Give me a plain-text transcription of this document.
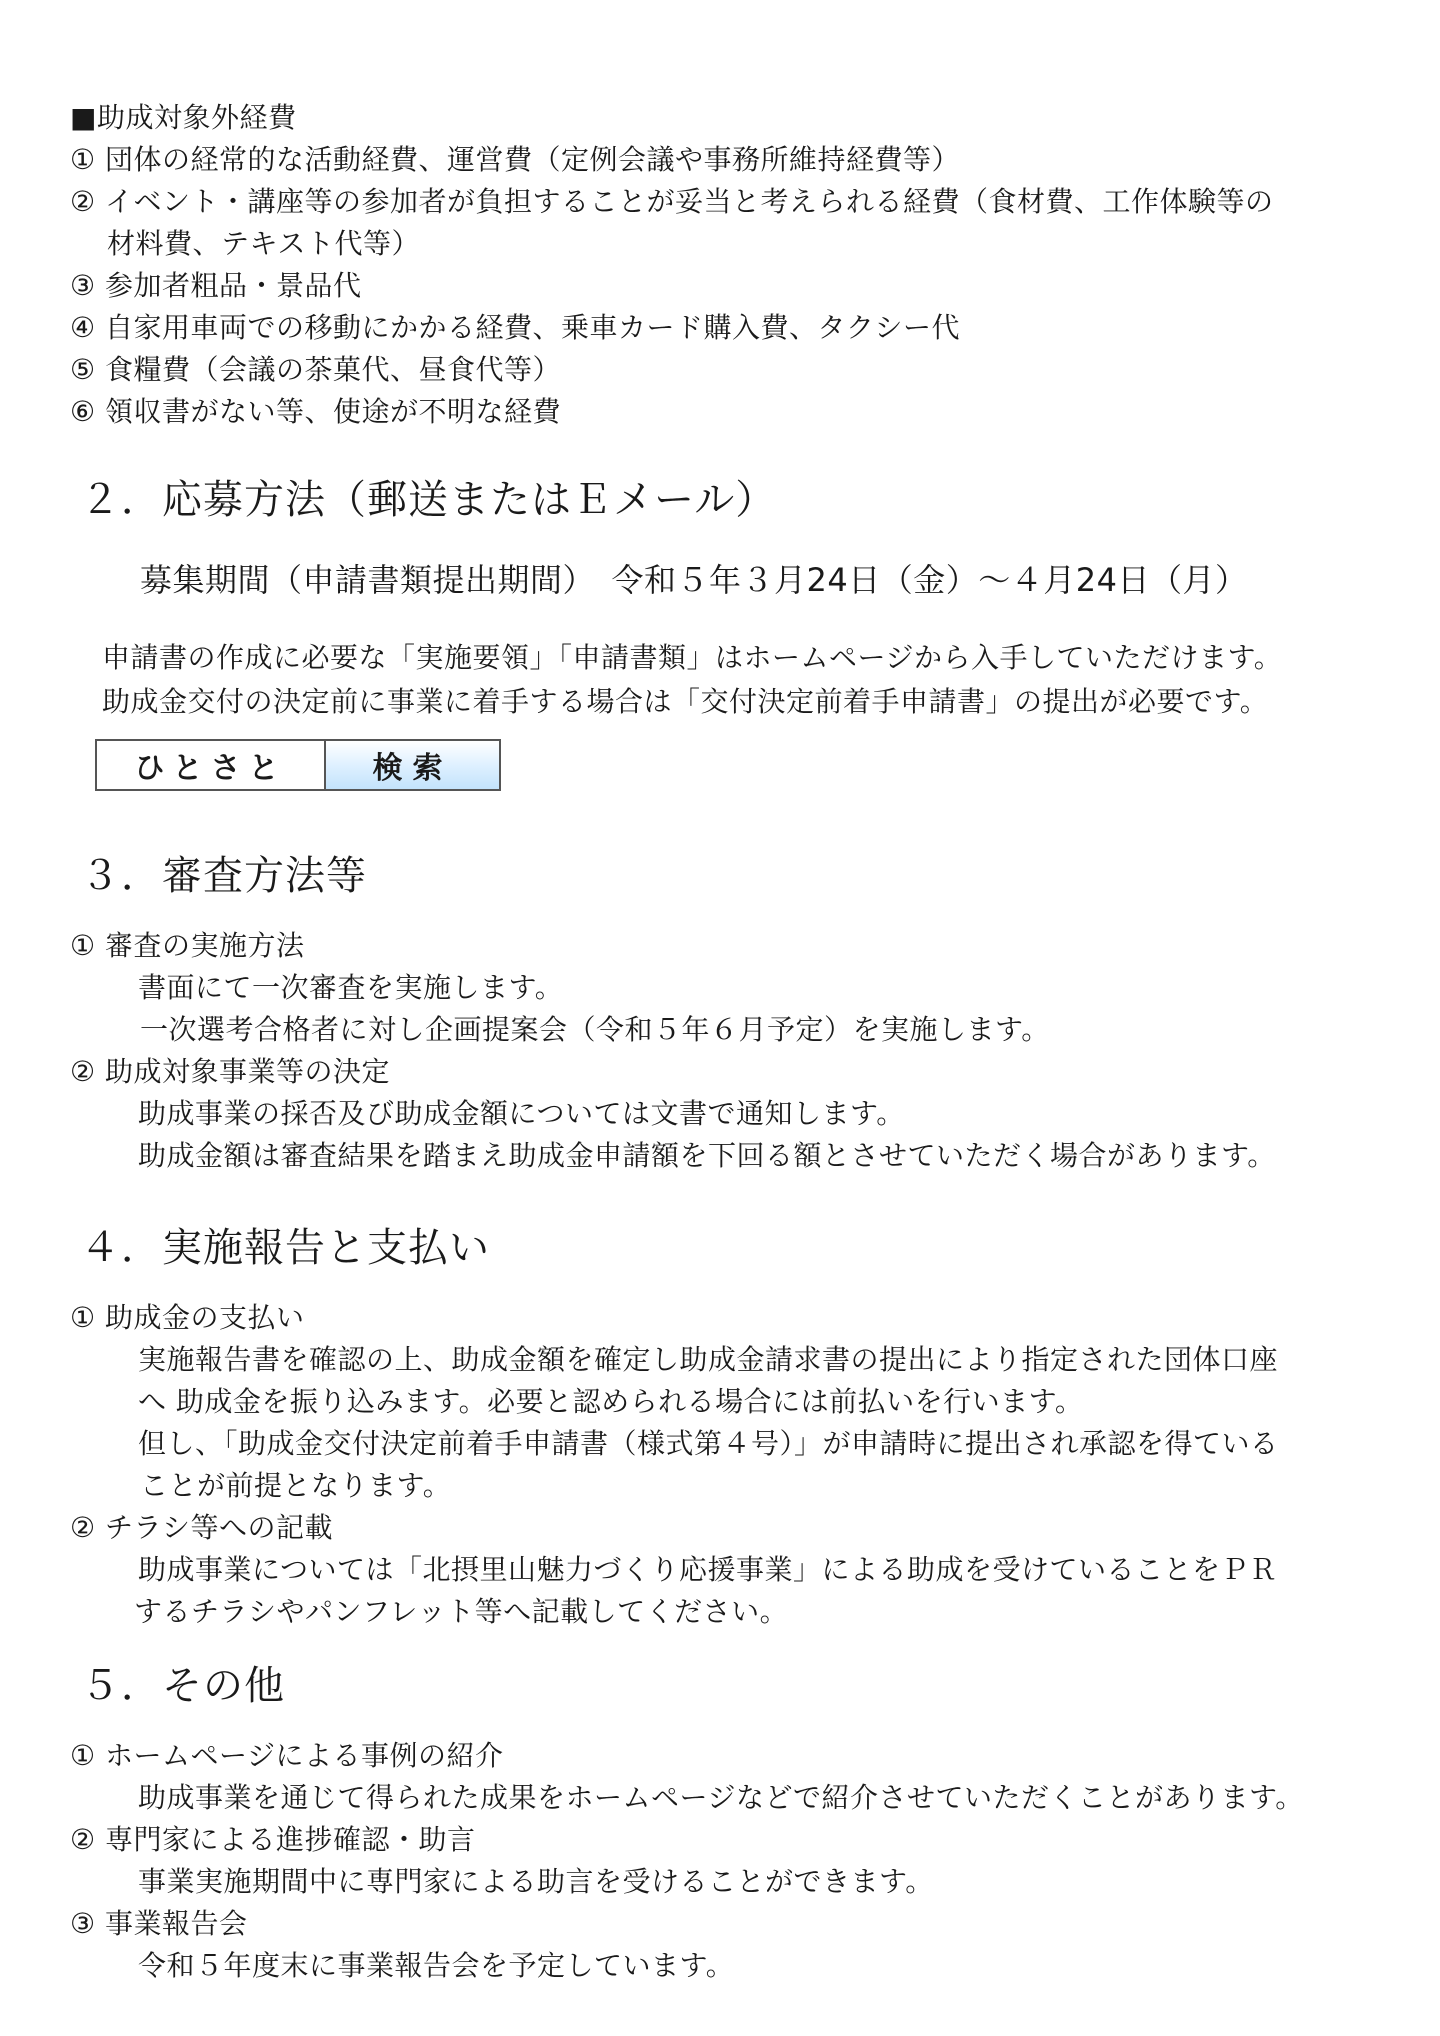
■助成対象外経費
① 団体の経常的な活動経費、運営費（定例会議や事務所維持経費等）
② イベント・講座等の参加者が負担することが妥当と考えられる経費（食材費、工作体験等の
材料費、テキスト代等）
③ 参加者粗品・景品代
④ 自家用車両での移動にかかる経費、乗車カード購入費、タクシー代
⑤ 食糧費（会議の茶菓代、昼食代等）
⑥ 領収書がない等、使途が不明な経費
２．応募方法（郵送またはＥメール）
募集期間（申請書類提出期間）　令和５年３月24日（金）～４月24日（月）
申請書の作成に必要な「実施要領」「申請書類」はホームページから入手していただけます。
助成金交付の決定前に事業に着手する場合は「交付決定前着手申請書」の提出が必要です。
ひとさと	検索
３．審査方法等
① 審査の実施方法
書面にて一次審査を実施します。
一次選考合格者に対し企画提案会（令和５年６月予定）を実施します。
② 助成対象事業等の決定
助成事業の採否及び助成金額については文書で通知します。
助成金額は審査結果を踏まえ助成金申請額を下回る額とさせていただく場合があります。
４．実施報告と支払い
① 助成金の支払い
実施報告書を確認の上、助成金額を確定し助成金請求書の提出により指定された団体口座
へ 助成金を振り込みます。必要と認められる場合には前払いを行います。
但し、「助成金交付決定前着手申請書（様式第４号）」が申請時に提出され承認を得ている
ことが前提となります。
② チラシ等への記載
助成事業については「北摂里山魅力づくり応援事業」による助成を受けていることをＰＲ
するチラシやパンフレット等へ記載してください。
５．その他
① ホームページによる事例の紹介
助成事業を通じて得られた成果をホームページなどで紹介させていただくことがあります。
② 専門家による進捗確認・助言
事業実施期間中に専門家による助言を受けることができます。
③ 事業報告会
令和５年度末に事業報告会を予定しています。
